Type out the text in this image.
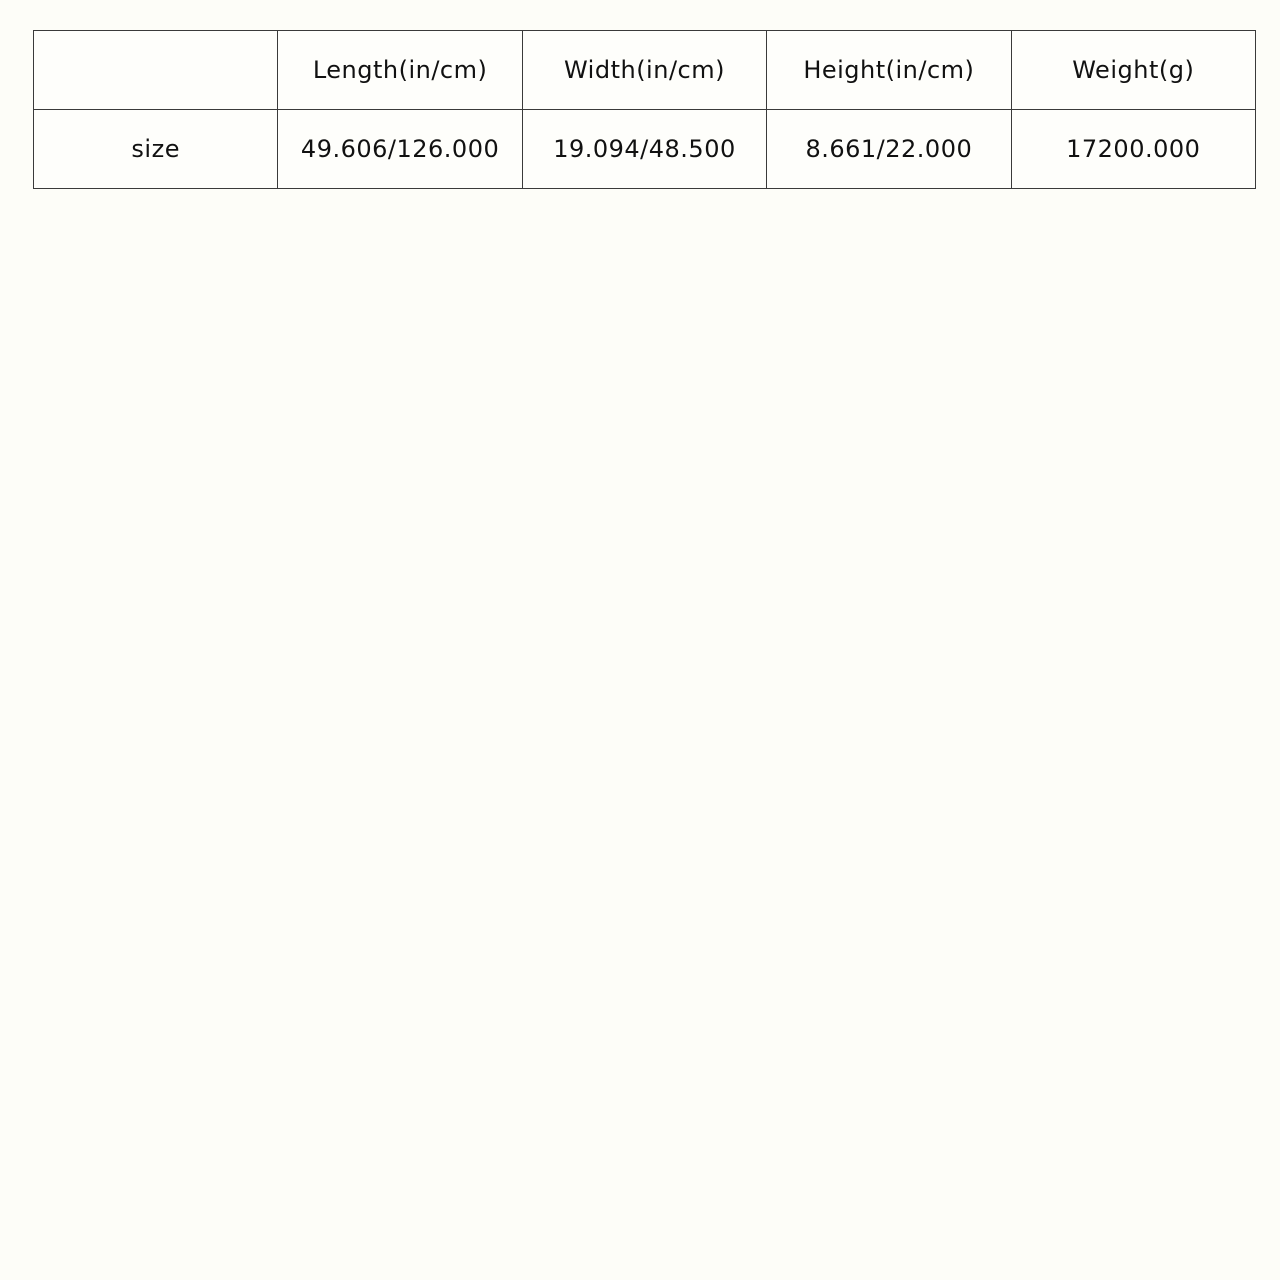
	Length(in/cm)	Width(in/cm)	Height(in/cm)	Weight(g)
size	49.606/126.000	19.094/48.500	8.661/22.000	17200.000
